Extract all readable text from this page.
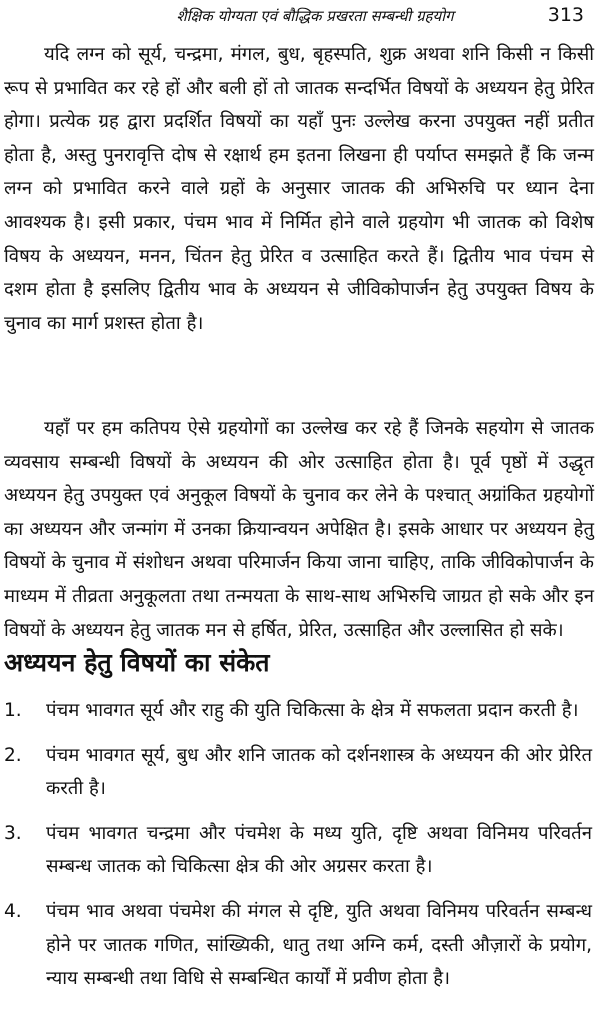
शैक्षिक योग्यता एवं बौद्धिक प्रखरता सम्बन्धी ग्रहयोग	313

यदि लग्न को सूर्य, चन्द्रमा, मंगल, बुध, बृहस्पति, शुक्र अथवा शनि किसी न किसी रूप से प्रभावित कर रहे हों और बली हों तो जातक सन्दर्भित विषयों के अध्ययन हेतु प्रेरित होगा। प्रत्येक ग्रह द्वारा प्रदर्शित विषयों का यहाँ पुनः उल्लेख करना उपयुक्त नहीं प्रतीत होता है, अस्तु पुनरावृत्ति दोष से रक्षार्थ हम इतना लिखना ही पर्याप्त समझते हैं कि जन्म लग्न को प्रभावित करने वाले ग्रहों के अनुसार जातक की अभिरुचि पर ध्यान देना आवश्यक है। इसी प्रकार, पंचम भाव में निर्मित होने वाले ग्रहयोग भी जातक को विशेष विषय के अध्ययन, मनन, चिंतन हेतु प्रेरित व उत्साहित करते हैं। द्वितीय भाव पंचम से दशम होता है इसलिए द्वितीय भाव के अध्ययन से जीविकोपार्जन हेतु उपयुक्त विषय के चुनाव का मार्ग प्रशस्त होता है।

यहाँ पर हम कतिपय ऐसे ग्रहयोगों का उल्लेख कर रहे हैं जिनके सहयोग से जातक व्यवसाय सम्बन्धी विषयों के अध्ययन की ओर उत्साहित होता है। पूर्व पृष्ठों में उद्धृत अध्ययन हेतु उपयुक्त एवं अनुकूल विषयों के चुनाव कर लेने के पश्चात् अग्रांकित ग्रहयोगों का अध्ययन और जन्मांग में उनका क्रियान्वयन अपेक्षित है। इसके आधार पर अध्ययन हेतु विषयों के चुनाव में संशोधन अथवा परिमार्जन किया जाना चाहिए, ताकि जीविकोपार्जन के माध्यम में तीव्रता अनुकूलता तथा तन्मयता के साथ-साथ अभिरुचि जाग्रत हो सके और इन विषयों के अध्ययन हेतु जातक मन से हर्षित, प्रेरित, उत्साहित और उल्लासित हो सके।

अध्ययन हेतु विषयों का संकेत
1.	पंचम भावगत सूर्य और राहु की युति चिकित्सा के क्षेत्र में सफलता प्रदान करती है।
2.	पंचम भावगत सूर्य, बुध और शनि जातक को दर्शनशास्त्र के अध्ययन की ओर प्रेरित करती है।
3.	पंचम भावगत चन्द्रमा और पंचमेश के मध्य युति, दृष्टि अथवा विनिमय परिवर्तन सम्बन्ध जातक को चिकित्सा क्षेत्र की ओर अग्रसर करता है।
4.	पंचम भाव अथवा पंचमेश की मंगल से दृष्टि, युति अथवा विनिमय परिवर्तन सम्बन्ध होने पर जातक गणित, सांख्यिकी, धातु तथा अग्नि कर्म, दस्ती औज़ारों के प्रयोग, न्याय सम्बन्धी तथा विधि से सम्बन्धित कार्यों में प्रवीण होता है।
